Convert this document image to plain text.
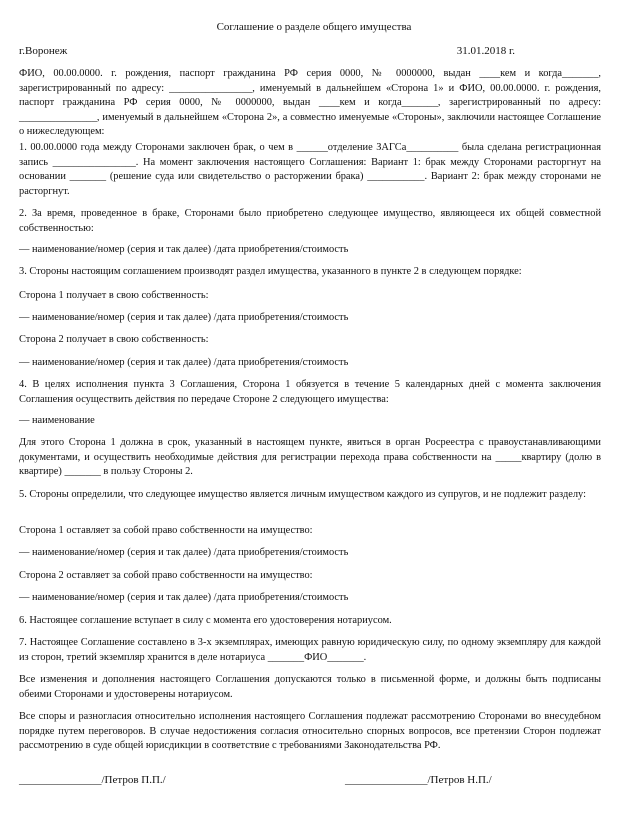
Соглашение о разделе общего имущества
г.Воронеж	31.01.2018 г.
ФИО, 00.00.0000. г. рождения, паспорт гражданина РФ серия 0000, № 0000000, выдан ____кем и когда_______, зарегистрированный по адресу: ________________, именуемый в дальнейшем «Сторона 1» и ФИО, 00.00.0000. г. рождения, паспорт гражданина РФ серия 0000, № 0000000, выдан ____кем и когда_______, зарегистрированный по адресу: _______________, именуемый в дальнейшем «Сторона 2», а совместно именуемые «Стороны», заключили настоящее Соглашение о нижеследующем:
1. 00.00.0000 года между Сторонами заключен брак, о чем в ______отделение ЗАГСа__________ была сделана регистрационная запись ________________. На момент заключения настоящего Соглашения: Вариант 1: брак между Сторонами расторгнут на основании _______ (решение суда или свидетельство о расторжении брака) ___________. Вариант 2: брак между сторонами не расторгнут.
2. За время, проведенное в браке, Сторонами было приобретено следующее имущество, являющееся их общей совместной собственностью:
— наименование/номер (серия и так далее) /дата приобретения/стоимость
3. Стороны настоящим соглашением производят раздел имущества, указанного в пункте 2 в следующем порядке:
Сторона 1 получает в свою собственность:
— наименование/номер (серия и так далее) /дата приобретения/стоимость
Сторона 2 получает в свою собственность:
— наименование/номер (серия и так далее) /дата приобретения/стоимость
4. В целях исполнения пункта 3 Соглашения, Сторона 1 обязуется в течение 5 календарных дней с момента заключения Соглашения осуществить действия по передаче Стороне 2 следующего имущества:
— наименование
Для этого Сторона 1 должна в срок, указанный в настоящем пункте, явиться в орган Росреестра с правоустанавливающими документами, и осуществить необходимые действия для регистрации перехода права собственности на _____квартиру (долю в квартире) _______ в пользу Стороны 2.
5. Стороны определили, что следующее имущество является личным имуществом каждого из супругов, и не подлежит разделу:
Сторона 1 оставляет за собой право собственности на имущество:
— наименование/номер (серия и так далее) /дата приобретения/стоимость
Сторона 2 оставляет за собой право собственности на имущество:
— наименование/номер (серия и так далее) /дата приобретения/стоимость
6. Настоящее соглашение вступает в силу с момента его удостоверения нотариусом.
7. Настоящее Соглашение составлено в 3-х экземплярах, имеющих равную юридическую силу, по одному экземпляру для каждой из сторон, третий экземпляр хранится в деле нотариуса _______ФИО_______.
Все изменения и дополнения настоящего Соглашения допускаются только в письменной форме, и должны быть подписаны обеими Сторонами и удостоверены нотариусом.
Все споры и разногласия относительно исполнения настоящего Соглашения подлежат рассмотрению Сторонами во внесудебном порядке путем переговоров. В случае недостижения согласия относительно спорных вопросов, все претензии Сторон подлежат рассмотрению в суде общей юрисдикции в соответствие с требованиями Законодательства РФ.
_______________/Петров П.П./	_______________/Петров Н.П./
